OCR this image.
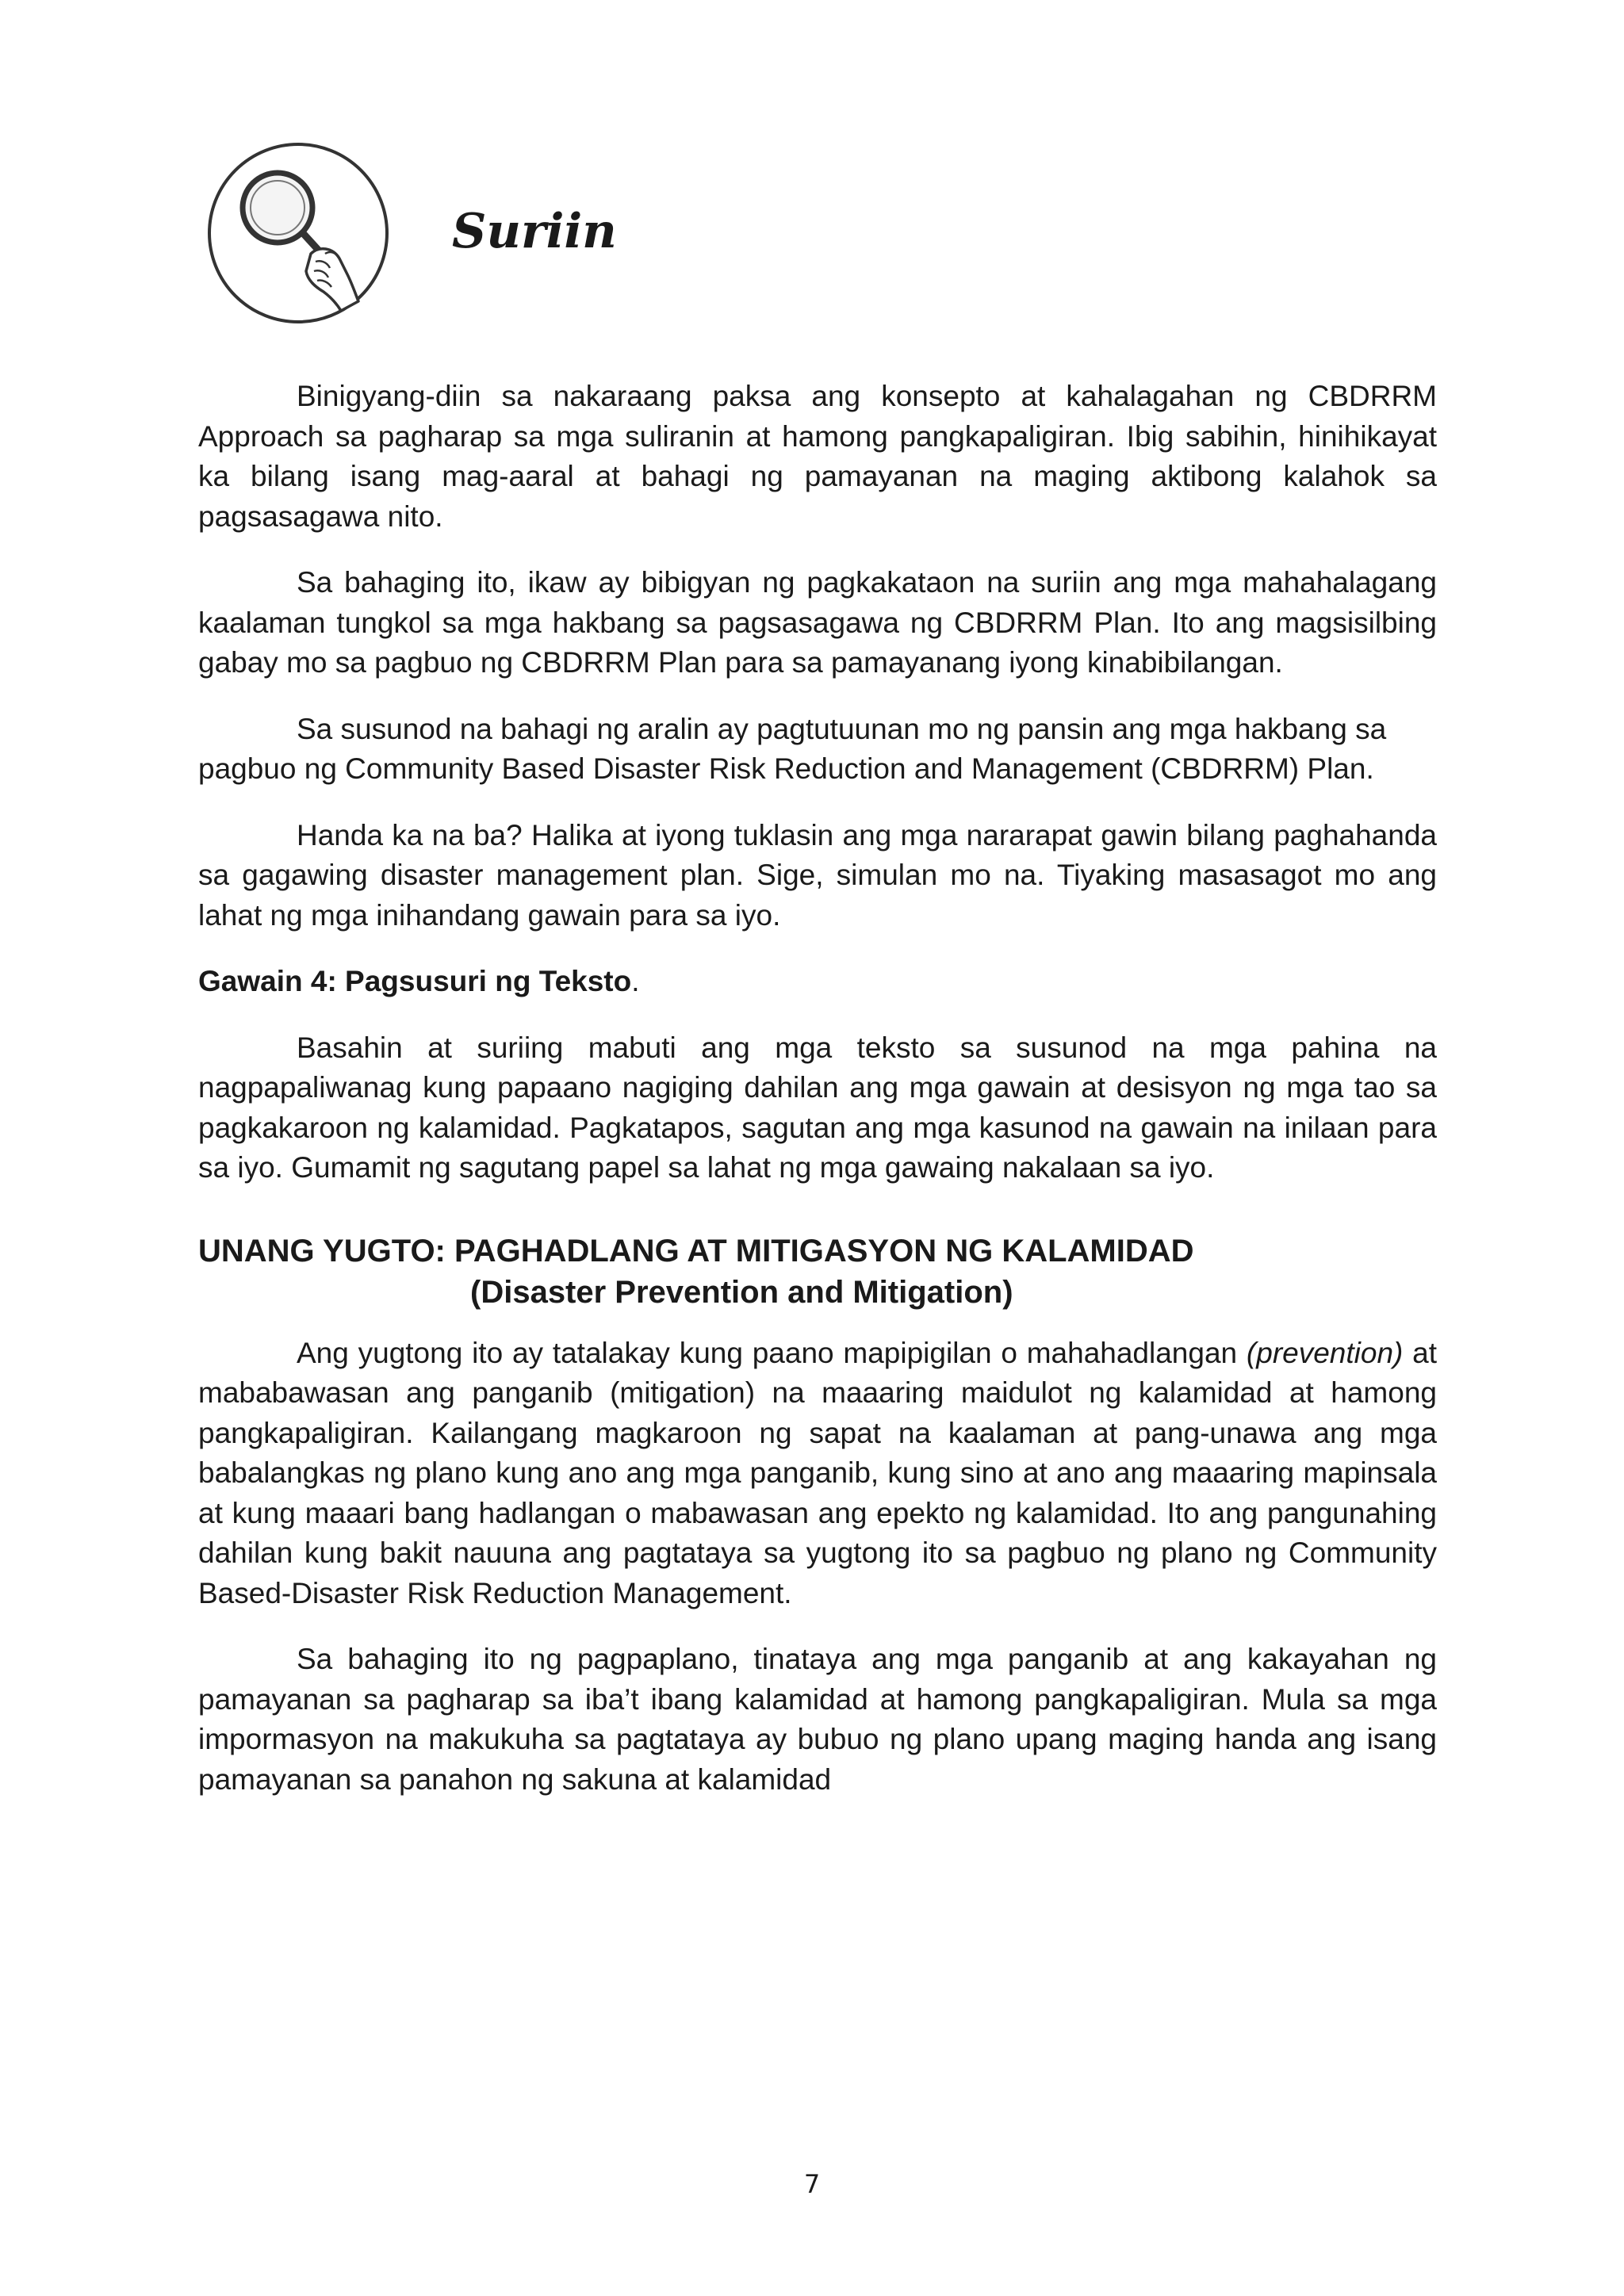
Suriin

Binigyang-diin sa nakaraang paksa ang konsepto at kahalagahan ng CBDRRM Approach sa pagharap sa mga suliranin at hamong pangkapaligiran. Ibig sabihin, hinihikayat ka bilang isang mag-aaral at bahagi ng pamayanan na maging aktibong kalahok sa pagsasagawa nito.

Sa bahaging ito, ikaw ay bibigyan ng pagkakataon na suriin ang mga mahahalagang kaalaman tungkol sa mga hakbang sa pagsasagawa ng CBDRRM Plan. Ito ang magsisilbing gabay mo sa pagbuo ng CBDRRM Plan para sa pamayanang iyong kinabibilangan.

Sa susunod na bahagi ng aralin ay pagtutuunan mo ng pansin ang mga hakbang sa pagbuo ng Community Based Disaster Risk Reduction and Management (CBDRRM) Plan.

Handa ka na ba? Halika at iyong tuklasin ang mga nararapat gawin bilang paghahanda sa gagawing disaster management plan. Sige, simulan mo na. Tiyaking masasagot mo ang lahat ng mga inihandang gawain para sa iyo.

Gawain 4: Pagsusuri ng Teksto.

Basahin at suriing mabuti ang mga teksto sa susunod na mga pahina na nagpapaliwanag kung papaano nagiging dahilan ang mga gawain at desisyon ng mga tao sa pagkakaroon ng kalamidad. Pagkatapos, sagutan ang mga kasunod na gawain na inilaan para sa iyo. Gumamit ng sagutang papel sa lahat ng mga gawaing nakalaan sa iyo.

UNANG YUGTO: PAGHADLANG AT MITIGASYON NG KALAMIDAD
(Disaster Prevention and Mitigation)

Ang yugtong ito ay tatalakay kung paano mapipigilan o mahahadlangan (prevention) at mababawasan ang panganib (mitigation) na maaaring maidulot ng kalamidad at hamong pangkapaligiran. Kailangang magkaroon ng sapat na kaalaman at pang-unawa ang mga babalangkas ng plano kung ano ang mga panganib, kung sino at ano ang maaaring mapinsala at kung maaari bang hadlangan o mabawasan ang epekto ng kalamidad. Ito ang pangunahing dahilan kung bakit nauuna ang pagtataya sa yugtong ito sa pagbuo ng plano ng Community Based-Disaster Risk Reduction Management.

Sa bahaging ito ng pagpaplano, tinataya ang mga panganib at ang kakayahan ng pamayanan sa pagharap sa iba’t ibang kalamidad at hamong pangkapaligiran. Mula sa mga impormasyon na makukuha sa pagtataya ay bubuo ng plano upang maging handa ang isang pamayanan sa panahon ng sakuna at kalamidad

7
